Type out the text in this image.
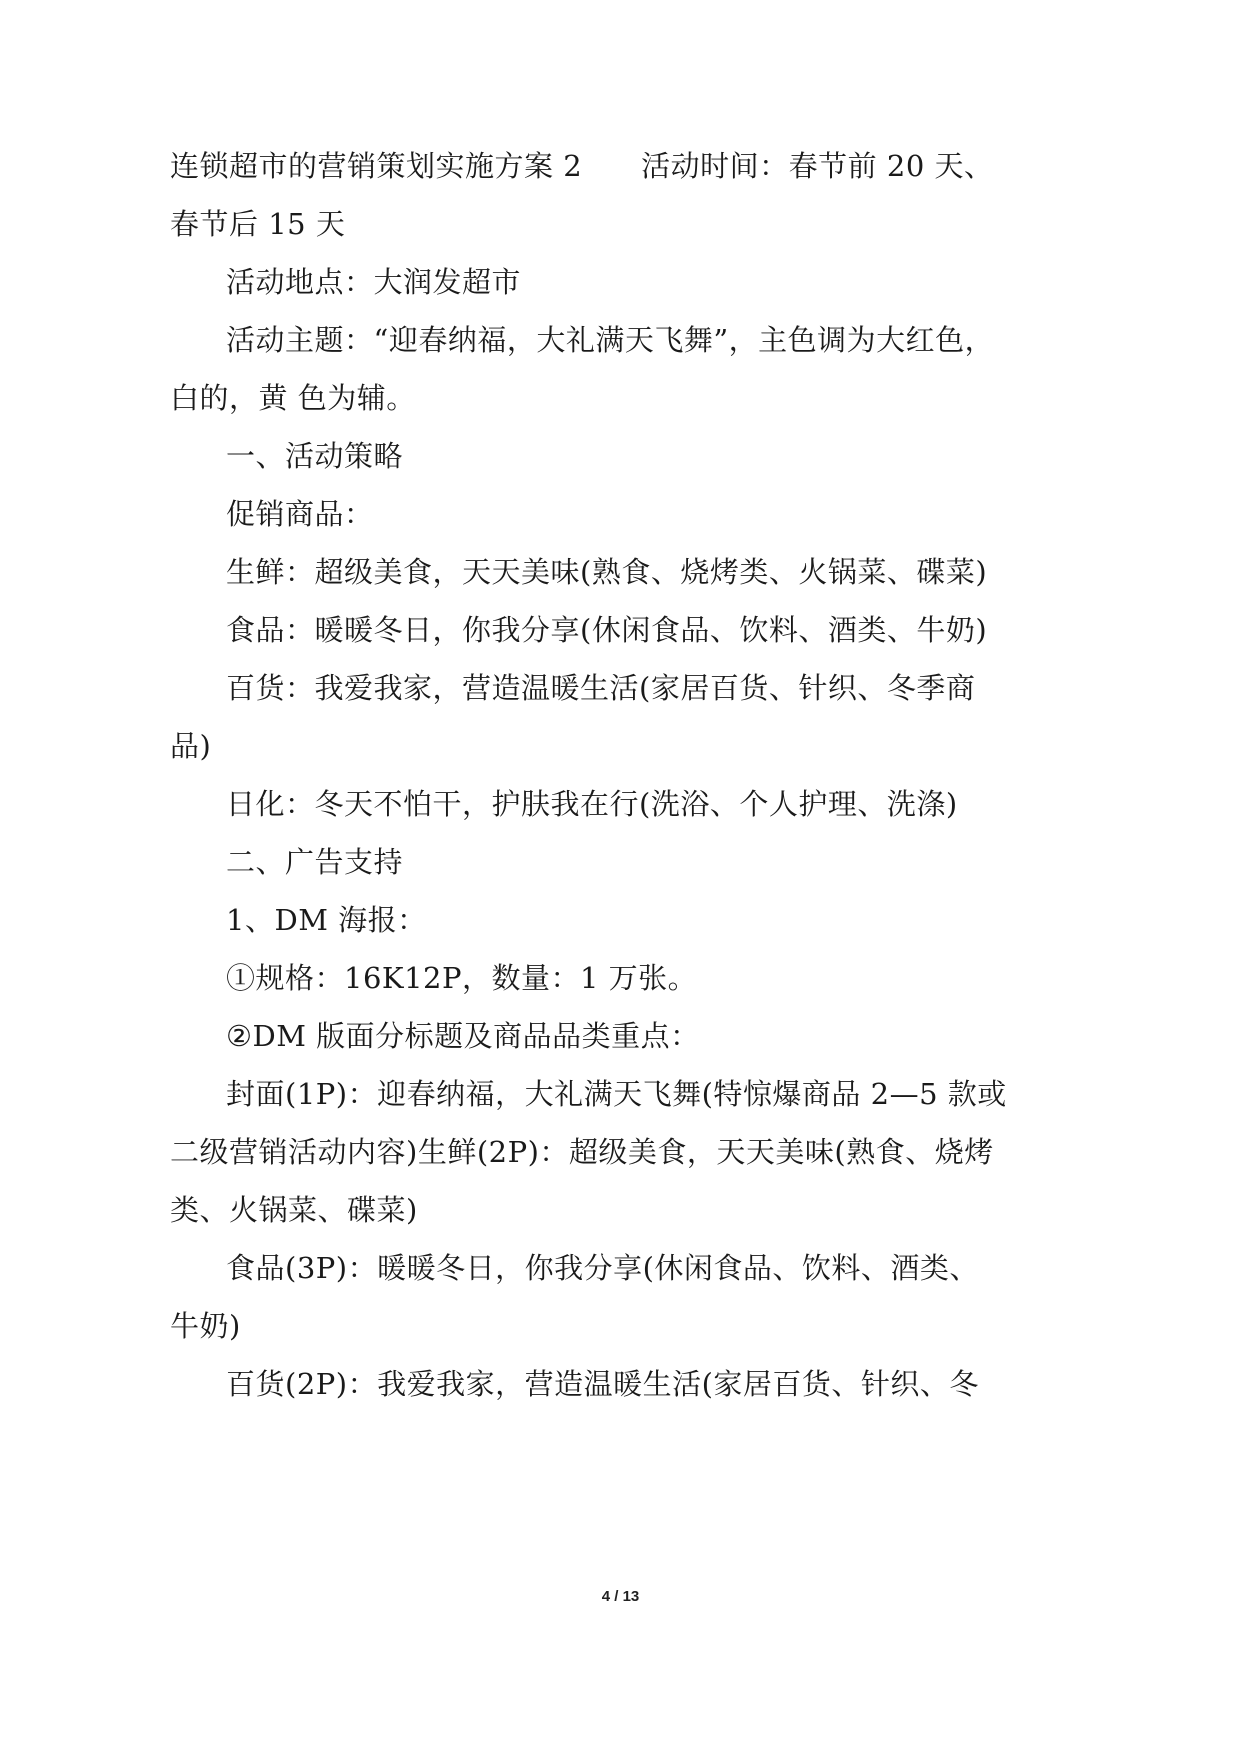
连锁超市的营销策划实施方案 2　　活动时间：春节前 20 天、
春节后 15 天
活动地点：大润发超市
活动主题：“迎春纳福，大礼满天飞舞”，主色调为大红色，
白的，黄 色为辅。
一、活动策略
促销商品：
生鲜：超级美食，天天美味(熟食、烧烤类、火锅菜、碟菜)
食品：暖暖冬日，你我分享(休闲食品、饮料、酒类、牛奶)
百货：我爱我家，营造温暖生活(家居百货、针织、冬季商
品)
日化：冬天不怕干，护肤我在行(洗浴、个人护理、洗涤)
二、广告支持
1、DM 海报：
①规格：16K12P，数量：1 万张。
②DM 版面分标题及商品品类重点：
封面(1P)：迎春纳福，大礼满天飞舞(特惊爆商品 2—5 款或
二级营销活动内容)生鲜(2P)：超级美食，天天美味(熟食、烧烤
类、火锅菜、碟菜)
食品(3P)：暖暖冬日，你我分享(休闲食品、饮料、酒类、
牛奶)
百货(2P)：我爱我家，营造温暖生活(家居百货、针织、冬
4 / 13
